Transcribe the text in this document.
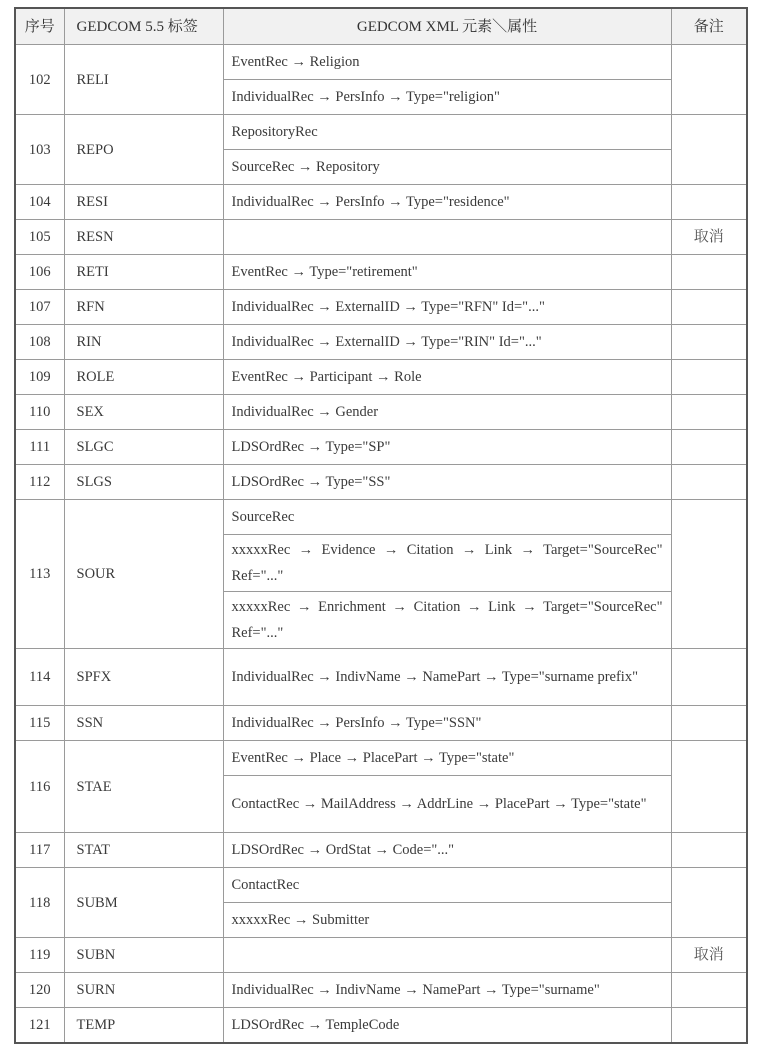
序号	GEDCOM 5.5 标签	GEDCOM XML 元素＼属性	备注
102	RELI	EventRec → Religion	
		IndividualRec → PersInfo → Type="religion"	
103	REPO	RepositoryRec	
		SourceRec → Repository	
104	RESI	IndividualRec → PersInfo → Type="residence"	
105	RESN		取消
106	RETI	EventRec → Type="retirement"	
107	RFN	IndividualRec → ExternalID → Type="RFN" Id="..."	
108	RIN	IndividualRec → ExternalID → Type="RIN" Id="..."	
109	ROLE	EventRec → Participant → Role	
110	SEX	IndividualRec → Gender	
111	SLGC	LDSOrdRec → Type="SP"	
112	SLGS	LDSOrdRec → Type="SS"	
113	SOUR	SourceRec	
		xxxxxRec → Evidence → Citation → Link → Target="SourceRec" Ref="..."	
		xxxxxRec → Enrichment → Citation → Link → Target="SourceRec" Ref="..."	
114	SPFX	IndividualRec → IndivName → NamePart → Type="surname prefix"	
115	SSN	IndividualRec → PersInfo → Type="SSN"	
116	STAE	EventRec → Place → PlacePart → Type="state"	
		ContactRec → MailAddress → AddrLine → PlacePart → Type="state"	
117	STAT	LDSOrdRec → OrdStat → Code="..."	
118	SUBM	ContactRec	
		xxxxxRec → Submitter	
119	SUBN		取消
120	SURN	IndividualRec → IndivName → NamePart → Type="surname"	
121	TEMP	LDSOrdRec → TempleCode	
